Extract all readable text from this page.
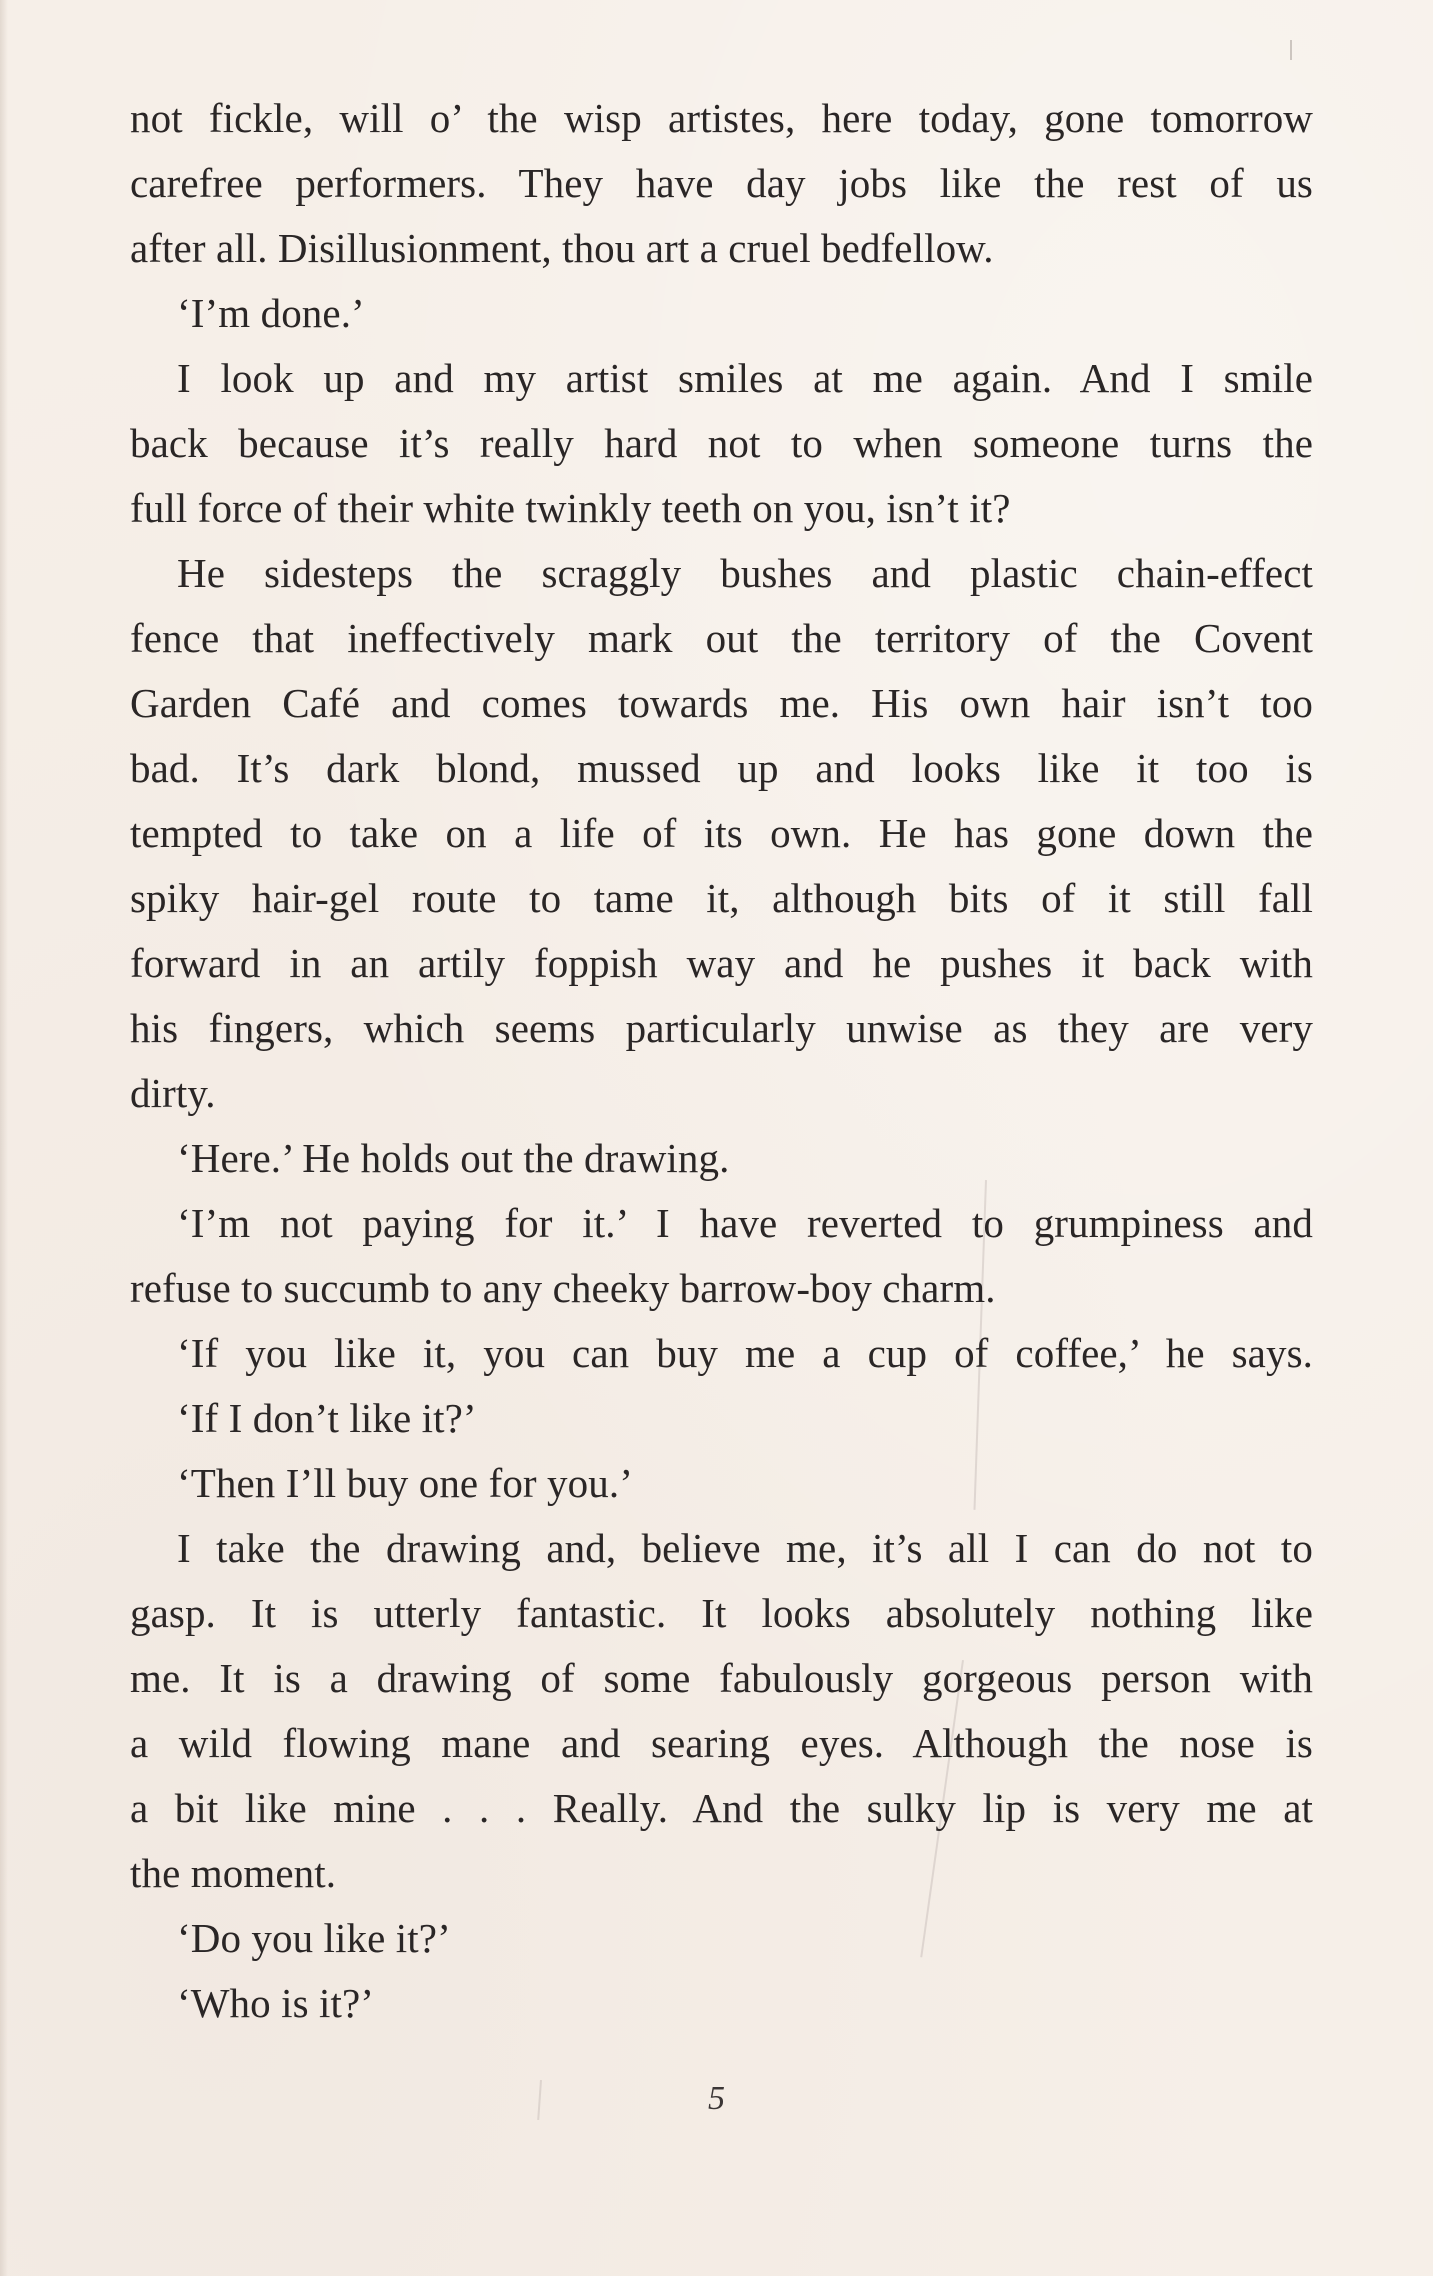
not fickle, will o’ the wisp artistes, here today, gone tomorrow

carefree performers. They have day jobs like the rest of us

after all. Disillusionment, thou art a cruel bedfellow.

‘I’m done.’

I look up and my artist smiles at me again. And I smile

back because it’s really hard not to when someone turns the

full force of their white twinkly teeth on you, isn’t it?

He sidesteps the scraggly bushes and plastic chain-effect

fence that ineffectively mark out the territory of the Covent

Garden Café and comes towards me. His own hair isn’t too

bad. It’s dark blond, mussed up and looks like it too is

tempted to take on a life of its own. He has gone down the

spiky hair-gel route to tame it, although bits of it still fall

forward in an artily foppish way and he pushes it back with

his fingers, which seems particularly unwise as they are very

dirty.

‘Here.’ He holds out the drawing.

‘I’m not paying for it.’ I have reverted to grumpiness and

refuse to succumb to any cheeky barrow-boy charm.

‘If you like it, you can buy me a cup of coffee,’ he says.

‘If I don’t like it?’

‘Then I’ll buy one for you.’

I take the drawing and, believe me, it’s all I can do not to

gasp. It is utterly fantastic. It looks absolutely nothing like

me. It is a drawing of some fabulously gorgeous person with

a wild flowing mane and searing eyes. Although the nose is

a bit like mine . . . Really. And the sulky lip is very me at

the moment.

‘Do you like it?’

‘Who is it?’

5
